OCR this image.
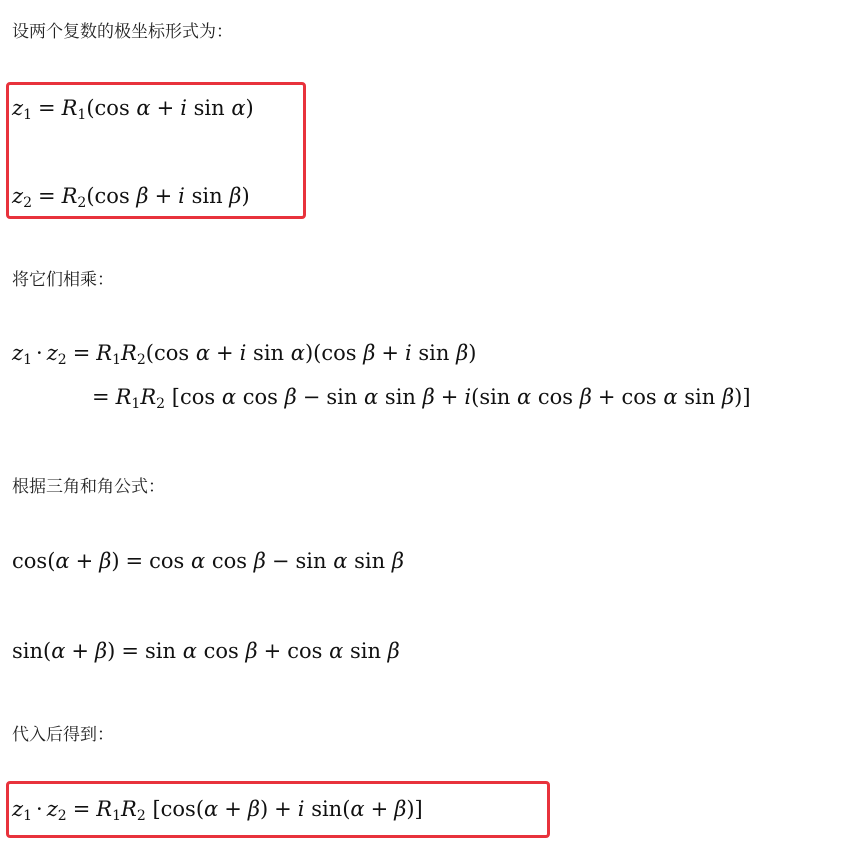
设两个复数的极坐标形式为：
$z_1 = R_1(\cos$ α + i sin α)
$z_2 = R_2(\cos$ β + i sin β)
将它们相乘：
$z_1 \cdot z_2 = R_1R_2(\cos$ α + i sin α)(cos β + i sin β)
= $R_1R_2$ [cos α cos β − sin α sin β + i(sin α cos β + cos α sin β)]
根据三角和角公式：
cos(α + β) = cos α cos β − sin α sin β
sin(α + β) = sin α cos β + cos α sin β
代入后得到：
$z_1 \cdot z_2 = R_1R_2$ [cos(α + β) + i sin(α + β)]
